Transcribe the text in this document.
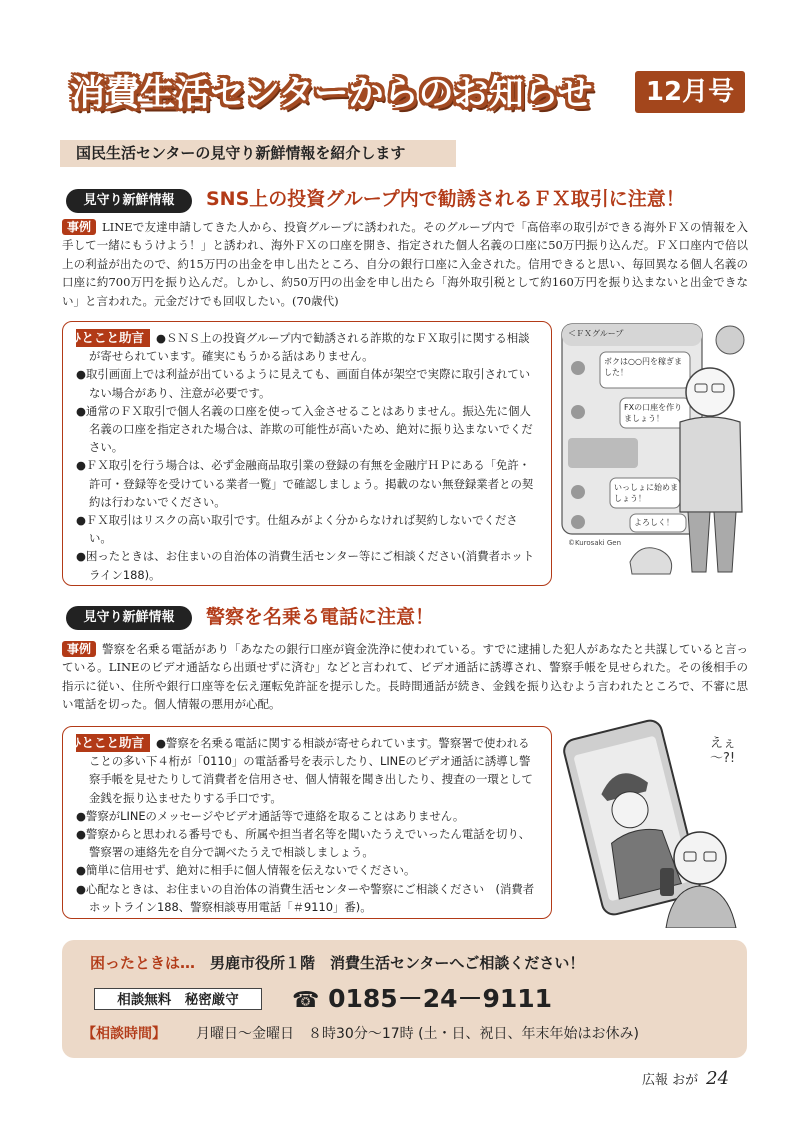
消費生活センターからのお知らせ	12月号
国民生活センターの見守り新鮮情報を紹介します
見守り新鮮情報	SNS上の投資グループ内で勧誘されるＦＸ取引に注意！
事例 LINEで友達申請してきた人から、投資グループに誘われた。そのグループ内で「高倍率の取引ができる海外ＦＸの情報を入手して一緒にもうけよう！」と誘われ、海外ＦＸの口座を開き、指定された個人名義の口座に50万円振り込んだ。ＦＸ口座内で倍以上の利益が出たので、約15万円の出金を申し出たところ、自分の銀行口座に入金された。信用できると思い、毎回異なる個人名義の口座に約700万円を振り込んだ。しかし、約50万円の出金を申し出たら「海外取引税として約160万円を振り込まないと出金できない」と言われた。元金だけでも回収したい。(70歳代)

ひとこと助言 ●ＳＮＳ上の投資グループ内で勧誘される詐欺的なＦＸ取引に関する相談が寄せられています。確実にもうかる話はありません。

●取引画面上では利益が出ているように見えても、画面自体が架空で実際に取引されていない場合があり、注意が必要です。

●通常のＦＸ取引で個人名義の口座を使って入金させることはありません。振込先に個人名義の口座を指定された場合は、詐欺の可能性が高いため、絶対に振り込まないでください。

●ＦＸ取引を行う場合は、必ず金融商品取引業の登録の有無を金融庁ＨＰにある「免許・許可・登録等を受けている業者一覧」で確認しましょう。掲載のない無登録業者との契約は行わないでください。

●ＦＸ取引はリスクの高い取引です。仕組みがよく分からなければ契約しないでください。

●困ったときは、お住まいの自治体の消費生活センター等にご相談ください(消費者ホットライン188)。

＜ＦＸグループ
ボクは○○円を稼ぎました！
FXの口座を作りましょう！
いっしょに始めましょう！
よろしく！
©Kurosaki Gen
見守り新鮮情報	警察を名乗る電話に注意！
事例 警察を名乗る電話があり「あなたの銀行口座が資金洗浄に使われている。すでに逮捕した犯人があなたと共謀していると言っている。LINEのビデオ通話なら出頭せずに済む」などと言われて、ビデオ通話に誘導され、警察手帳を見せられた。その後相手の指示に従い、住所や銀行口座等を伝え運転免許証を提示した。長時間通話が続き、金銭を振り込むよう言われたところで、不審に思い電話を切った。個人情報の悪用が心配。

ひとこと助言 ●警察を名乗る電話に関する相談が寄せられています。警察署で使われることの多い下４桁が「0110」の電話番号を表示したり、LINEのビデオ通話に誘導し警察手帳を見せたりして消費者を信用させ、個人情報を聞き出したり、捜査の一環として金銭を振り込ませたりする手口です。

●警察がLINEのメッセージやビデオ通話等で連絡を取ることはありません。

●警察からと思われる番号でも、所属や担当者名等を聞いたうえでいったん電話を切り、警察署の連絡先を自分で調べたうえで相談しましょう。

●簡単に信用せず、絶対に相手に個人情報を伝えないでください。

●心配なときは、お住まいの自治体の消費生活センターや警察にご相談ください　(消費者ホットライン188、警察相談専用電話「＃9110」番)。

えぇ～?!
困ったときは…　 男鹿市役所１階　消費生活センターへご相談ください！
相談無料　秘密厳守	☎ 0185－24－9111
【相談時間】 月曜日～金曜日　８時30分～17時 (土・日、祝日、年末年始はお休み)
広報 おが 24
